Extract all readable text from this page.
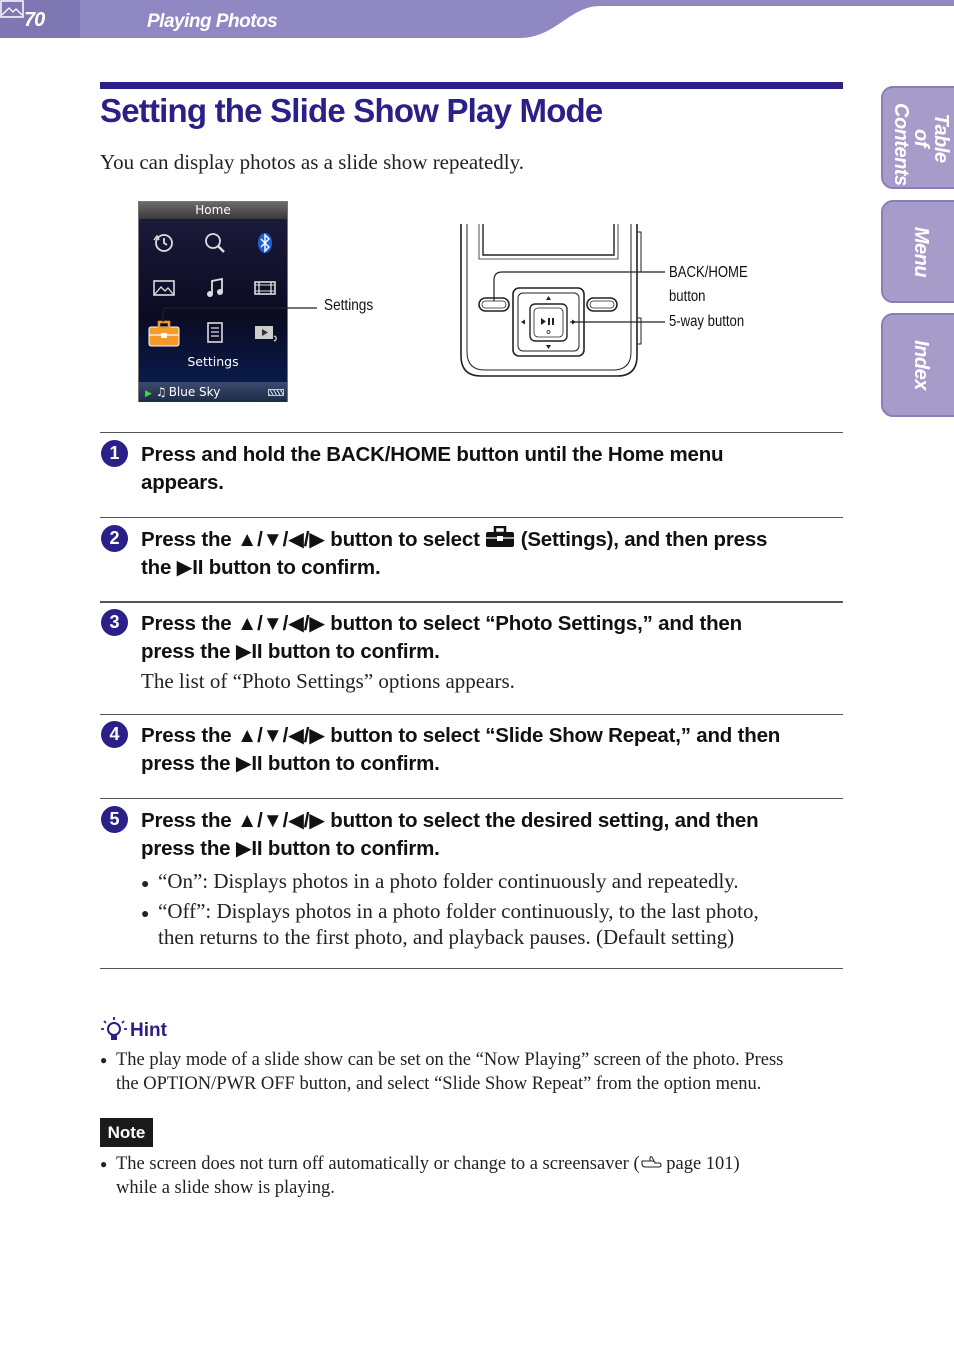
70	Playing Photos
Table of Contents
Menu
Index
Setting the Slide Show Play Mode

You can display photos as a slide show repeatedly.

Home
Settings
▶ ♫ Blue Sky
Settings
BACK/HOME
button
5-way button
1	Press and hold the BACK/HOME button until the Home menu appears.
2	Press the ▲/▼/◀/▶ button to select  (Settings), and then press
the ▶II button to confirm.
3	Press the ▲/▼/◀/▶ button to select “Photo Settings,” and then
press the ▶II button to confirm.
The list of “Photo Settings” options appears.
4	Press the ▲/▼/◀/▶ button to select “Slide Show Repeat,” and then
press the ▶II button to confirm.
5	Press the ▲/▼/◀/▶ button to select the desired setting, and then
press the ▶II button to confirm.
● “On”: Displays photos in a photo folder continuously and repeatedly.
● “Off”: Displays photos in a photo folder continuously, to the last photo,
then returns to the first photo, and playback pauses. (Default setting)
Hint
● The play mode of a slide show can be set on the “Now Playing” screen of the photo. Press
the OPTION/PWR OFF button, and select “Slide Show Repeat” from the option menu.
Note
● The screen does not turn off automatically or change to a screensaver ( page 101)
while a slide show is playing.
